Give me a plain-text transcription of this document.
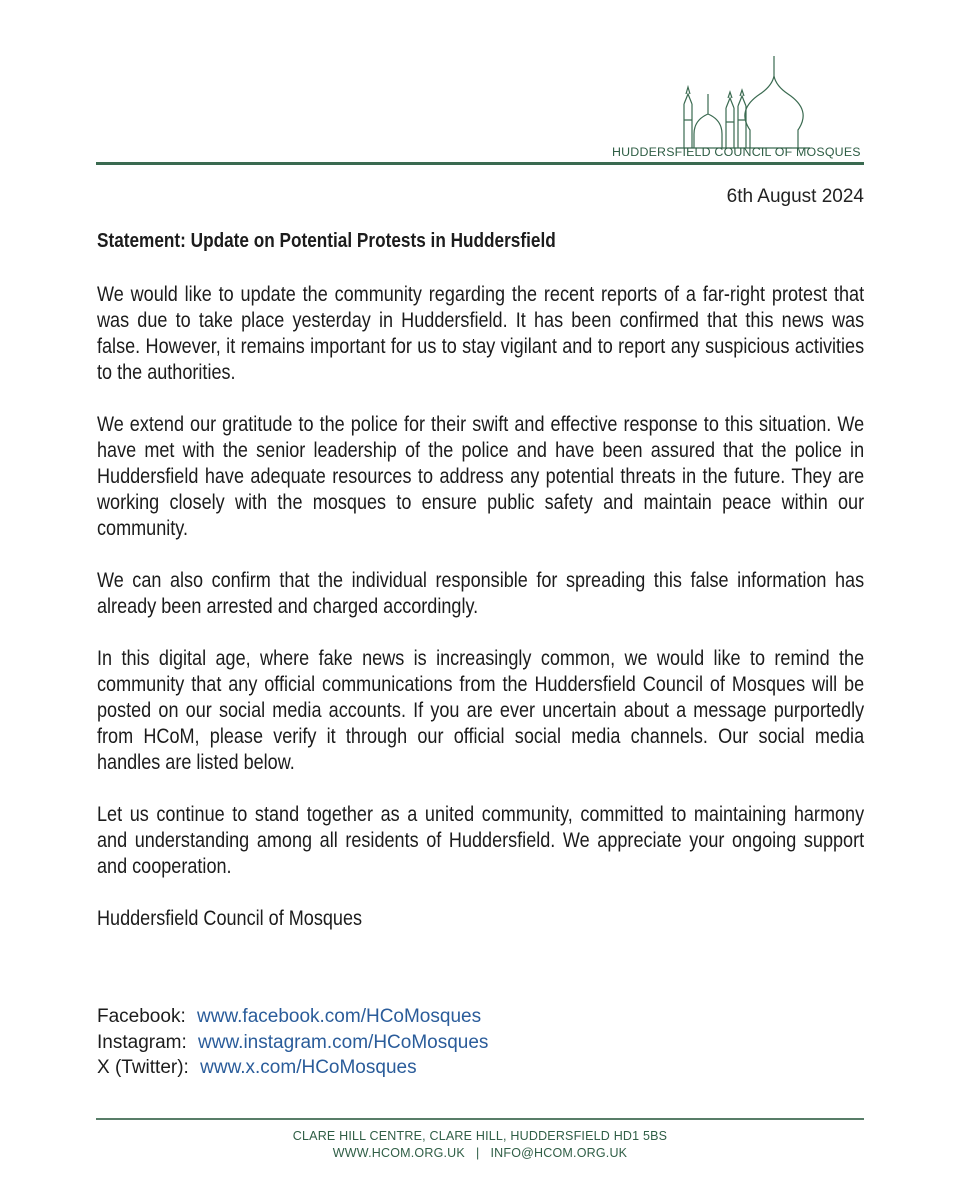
HUDDERSFIELD COUNCIL OF MOSQUES
6th August 2024
Statement: Update on Potential Protests in Huddersfield

We would like to update the community regarding the recent reports of a far-right protest that was due to take place yesterday in Huddersfield. It has been confirmed that this news was false. However, it remains important for us to stay vigilant and to report any suspicious activities to the authorities.

We extend our gratitude to the police for their swift and effective response to this situation. We have met with the senior leadership of the police and have been assured that the police in Huddersfield have adequate resources to address any potential threats in the future. They are working closely with the mosques to ensure public safety and maintain peace within our community.

We can also confirm that the individual responsible for spreading this false information has already been arrested and charged accordingly.

In this digital age, where fake news is increasingly common, we would like to remind the community that any official communications from the Huddersfield Council of Mosques will be posted on our social media accounts. If you are ever uncertain about a message purportedly from HCoM, please verify it through our official social media channels. Our social media handles are listed below.

Let us continue to stand together as a united community, committed to maintaining harmony and understanding among all residents of Huddersfield. We appreciate your ongoing support and cooperation.

Huddersfield Council of Mosques

Facebook: www.facebook.com/HCoMosques
Instagram: www.instagram.com/HCoMosques
X (Twitter): www.x.com/HCoMosques
CLARE HILL CENTRE, CLARE HILL, HUDDERSFIELD HD1 5BS
WWW.HCOM.ORG.UK | INFO@HCOM.ORG.UK
